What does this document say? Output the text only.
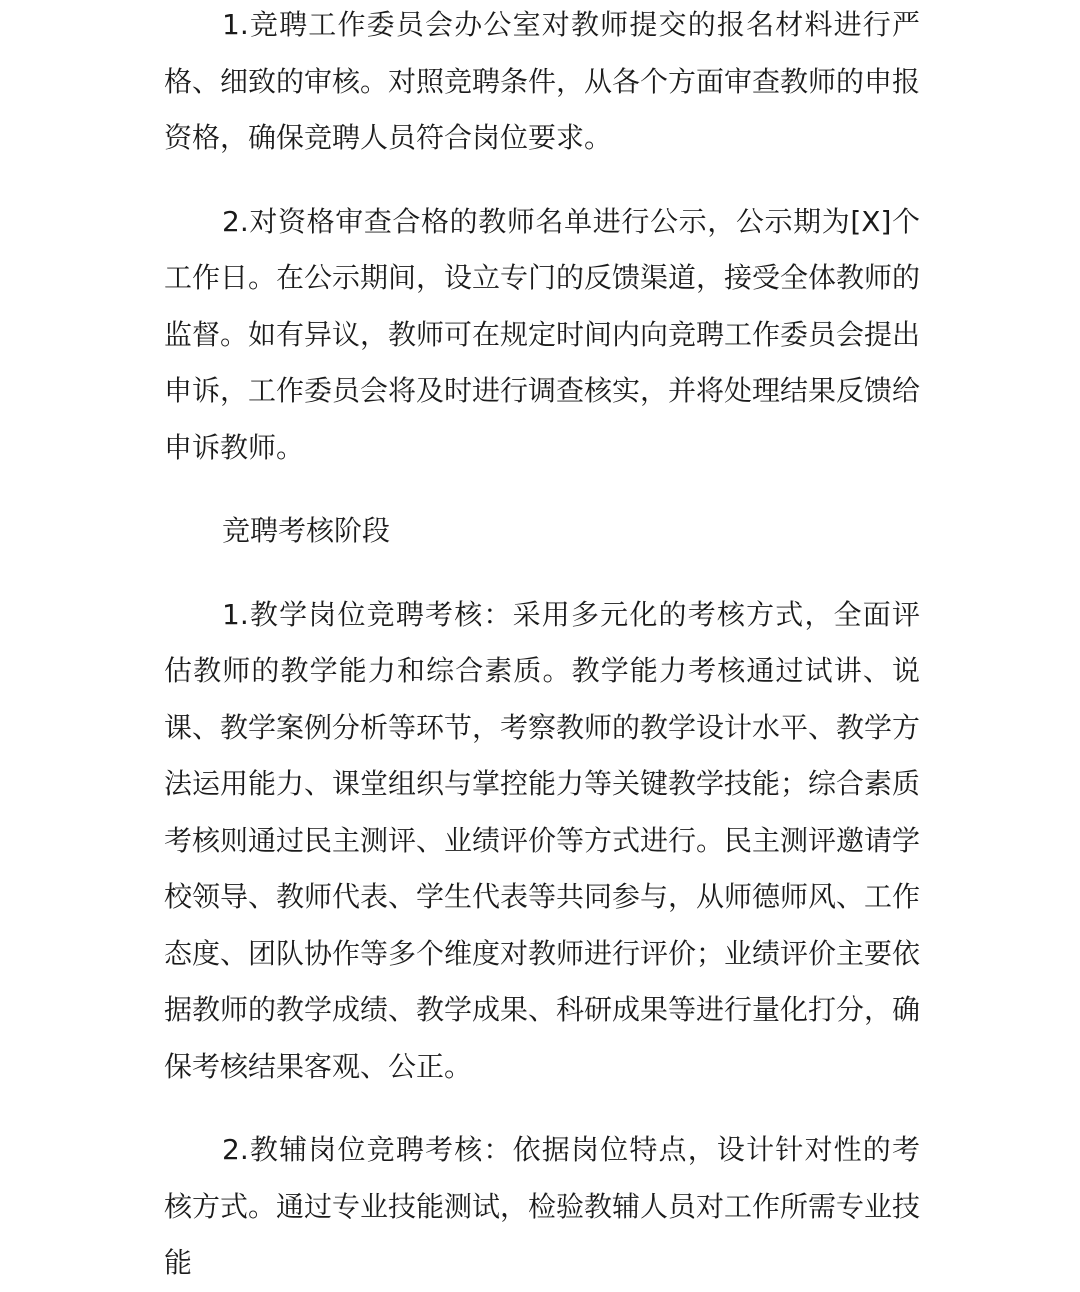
1.竞聘工作委员会办公室对教师提交的报名材料进行严格、细致的审核。对照竞聘条件，从各个方面审查教师的申报资格，确保竞聘人员符合岗位要求。

2.对资格审查合格的教师名单进行公示，公示期为[X]个工作日。在公示期间，设立专门的反馈渠道，接受全体教师的监督。如有异议，教师可在规定时间内向竞聘工作委员会提出申诉，工作委员会将及时进行调查核实，并将处理结果反馈给申诉教师。

竞聘考核阶段

1.教学岗位竞聘考核：采用多元化的考核方式，全面评估教师的教学能力和综合素质。教学能力考核通过试讲、说课、教学案例分析等环节，考察教师的教学设计水平、教学方法运用能力、课堂组织与掌控能力等关键教学技能；综合素质考核则通过民主测评、业绩评价等方式进行。民主测评邀请学校领导、教师代表、学生代表等共同参与，从师德师风、工作态度、团队协作等多个维度对教师进行评价；业绩评价主要依据教师的教学成绩、教学成果、科研成果等进行量化打分，确保考核结果客观、公正。

2.教辅岗位竞聘考核：依据岗位特点，设计针对性的考核方式。通过专业技能测试，检验教辅人员对工作所需专业技能
